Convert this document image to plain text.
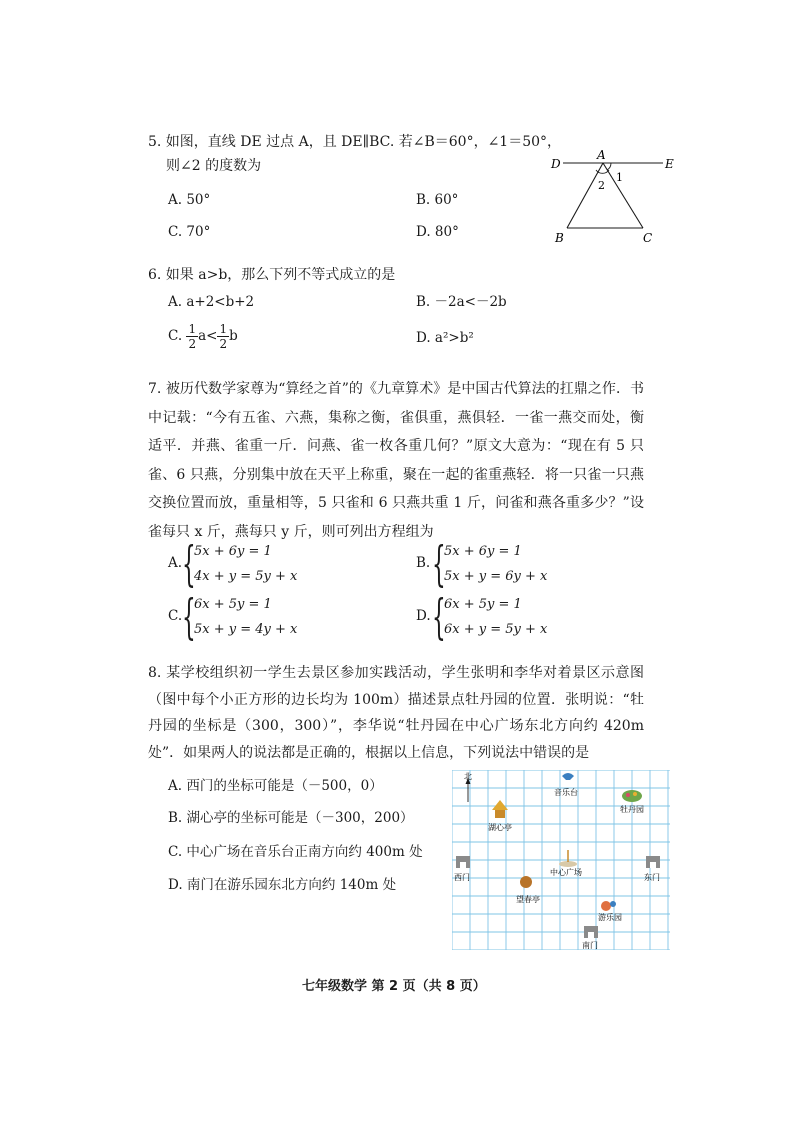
5. 如图，直线 DE 过点 A，且 DE∥BC. 若∠B＝60°，∠1＝50°，
则∠2 的度数为
A. 50°	B. 60°
C. 70°	D. 80°
D
A
E
1
2
B	C
6. 如果 a>b，那么下列不等式成立的是
A. a+2<b+2	B. －2a<－2b
C. $\frac{1}{2} a< \frac{1}{2}$ b	D. a²>b²
7. 被历代数学家尊为“算经之首”的《九章算术》是中国古代算法的扛鼎之作．书中记载：“今有五雀、六燕，集称之衡，雀俱重，燕俱轻．一雀一燕交而处，衡适平．并燕、雀重一斤．问燕、雀一枚各重几何？”原文大意为：“现在有 5 只雀、6 只燕，分别集中放在天平上称重，聚在一起的雀重燕轻．将一只雀一只燕交换位置而放，重量相等，5 只雀和 6 只燕共重 1 斤，问雀和燕各重多少？”设雀每只 x 斤，燕每只 y 斤，则可列出方程组为
A. {
5x + 6y = 1
4x + y = 5y + x
B. {
5x + 6y = 1
5x + y = 6y + x
C. {
6x + 5y = 1
5x + y = 4y + x
D. {
6x + 5y = 1
6x + y = 5y + x
8. 某学校组织初一学生去景区参加实践活动，学生张明和李华对着景区示意图（图中每个小正方形的边长均为 100m）描述景点牡丹园的位置．张明说：“牡丹园的坐标是（300，300）”，李华说“牡丹园在中心广场东北方向约 420m 处”．如果两人的说法都是正确的，根据以上信息，下列说法中错误的是
A. 西门的坐标可能是（－500，0）
B. 湖心亭的坐标可能是（－300，200）
C. 中心广场在音乐台正南方向约 400m 处
D. 南门在游乐园东北方向约 140m 处
北
音乐台
牡丹园
湖心亭
西门
中心广场
东门
望春亭
游乐园
南门
七年级数学 第 2 页（共 8 页）
